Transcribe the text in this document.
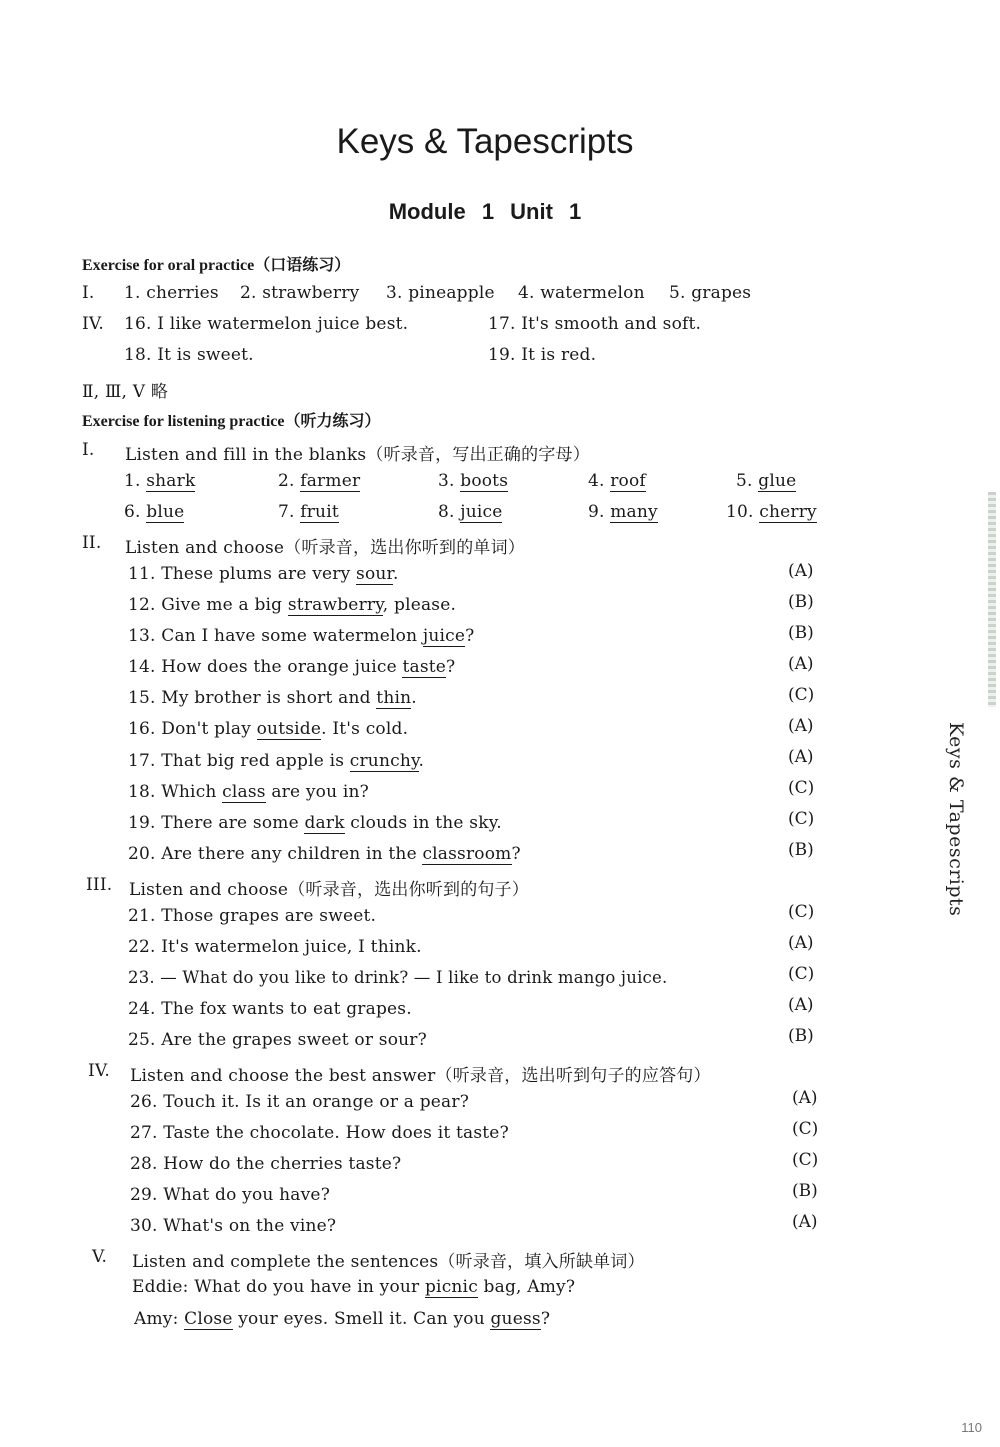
Keys & Tapescripts
Module 1 Unit 1
Exercise for oral practice（口语练习）
I. 1. cherries 2. strawberry 3. pineapple 4. watermelon 5. grapes
IV. 16. I like watermelon juice best.	17. It's smooth and soft.
18. It is sweet.	19. It is red.
Ⅱ, Ⅲ, Ⅴ 略
Exercise for listening practice（听力练习）
I. Listen and fill in the blanks（听录音，写出正确的字母）
1. shark	2. farmer	3. boots	4. roof	5. glue
6. blue	7. fruit	8. juice	9. many	10. cherry
II. Listen and choose（听录音，选出你听到的单词）
11. These plums are very sour.	(A)
12. Give me a big strawberry, please.	(B)
13. Can I have some watermelon juice?	(B)
14. How does the orange juice taste?	(A)
15. My brother is short and thin.	(C)
16. Don't play outside. It's cold.	(A)
17. That big red apple is crunchy.	(A)
18. Which class are you in?	(C)
19. There are some dark clouds in the sky.	(C)
20. Are there any children in the classroom?	(B)
III. Listen and choose（听录音，选出你听到的句子）
21. Those grapes are sweet.	(C)
22. It's watermelon juice, I think.	(A)
23. — What do you like to drink? — I like to drink mango juice.	(C)
24. The fox wants to eat grapes.	(A)
25. Are the grapes sweet or sour?	(B)
IV. Listen and choose the best answer（听录音，选出听到句子的应答句）
26. Touch it. Is it an orange or a pear?	(A)
27. Taste the chocolate. How does it taste?	(C)
28. How do the cherries taste?	(C)
29. What do you have?	(B)
30. What's on the vine?	(A)
V. Listen and complete the sentences（听录音，填入所缺单词）
Eddie: What do you have in your picnic bag, Amy?
Amy: Close your eyes. Smell it. Can you guess?
Keys & Tapescripts
110
